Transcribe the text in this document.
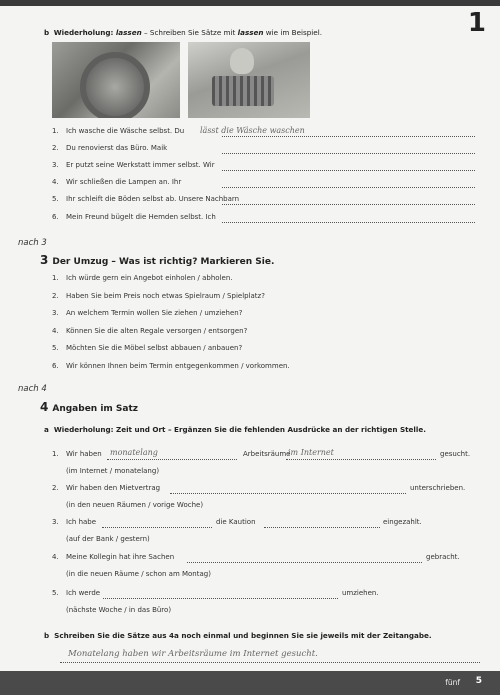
1
b Wiederholung: lassen – Schreiben Sie Sätze mit lassen wie im Beispiel.
1. Ich wasche die Wäsche selbst. Du lässt die Wäsche waschen
2. Du renovierst das Büro. Maik
3. Er putzt seine Werkstatt immer selbst. Wir
4. Wir schließen die Lampen an. Ihr
5. Ihr schleift die Böden selbst ab. Unsere Nachbarn
6. Mein Freund bügelt die Hemden selbst. Ich
nach 3
3 Der Umzug – Was ist richtig? Markieren Sie.
1. Ich würde gern ein Angebot einholen / abholen.
2. Haben Sie beim Preis noch etwas Spielraum / Spielplatz?
3. An welchem Termin wollen Sie ziehen / umziehen?
4. Können Sie die alten Regale versorgen / entsorgen?
5. Möchten Sie die Möbel selbst abbauen / anbauen?
6. Wir können Ihnen beim Termin entgegenkommen / vorkommen.
nach 4
4 Angaben im Satz
a Wiederholung: Zeit und Ort – Ergänzen Sie die fehlenden Ausdrücke an der richtigen Stelle.
1. Wir haben	monatelang	Arbeitsräume
im Internet	gesucht.
(im Internet / monatelang)
2. Wir haben den Mietvertrag	unterschrieben.
(in den neuen Räumen / vorige Woche)
3. Ich habe	die Kaution	eingezahlt.
(auf der Bank / gestern)
4. Meine Kollegin hat ihre Sachen	gebracht.
(in die neuen Räume / schon am Montag)
5. Ich werde	umziehen.
(nächste Woche / in das Büro)
b Schreiben Sie die Sätze aus 4a noch einmal und beginnen Sie sie jeweils mit der Zeitangabe.
Monatelang haben wir Arbeitsräume im Internet gesucht.
fünf 5
